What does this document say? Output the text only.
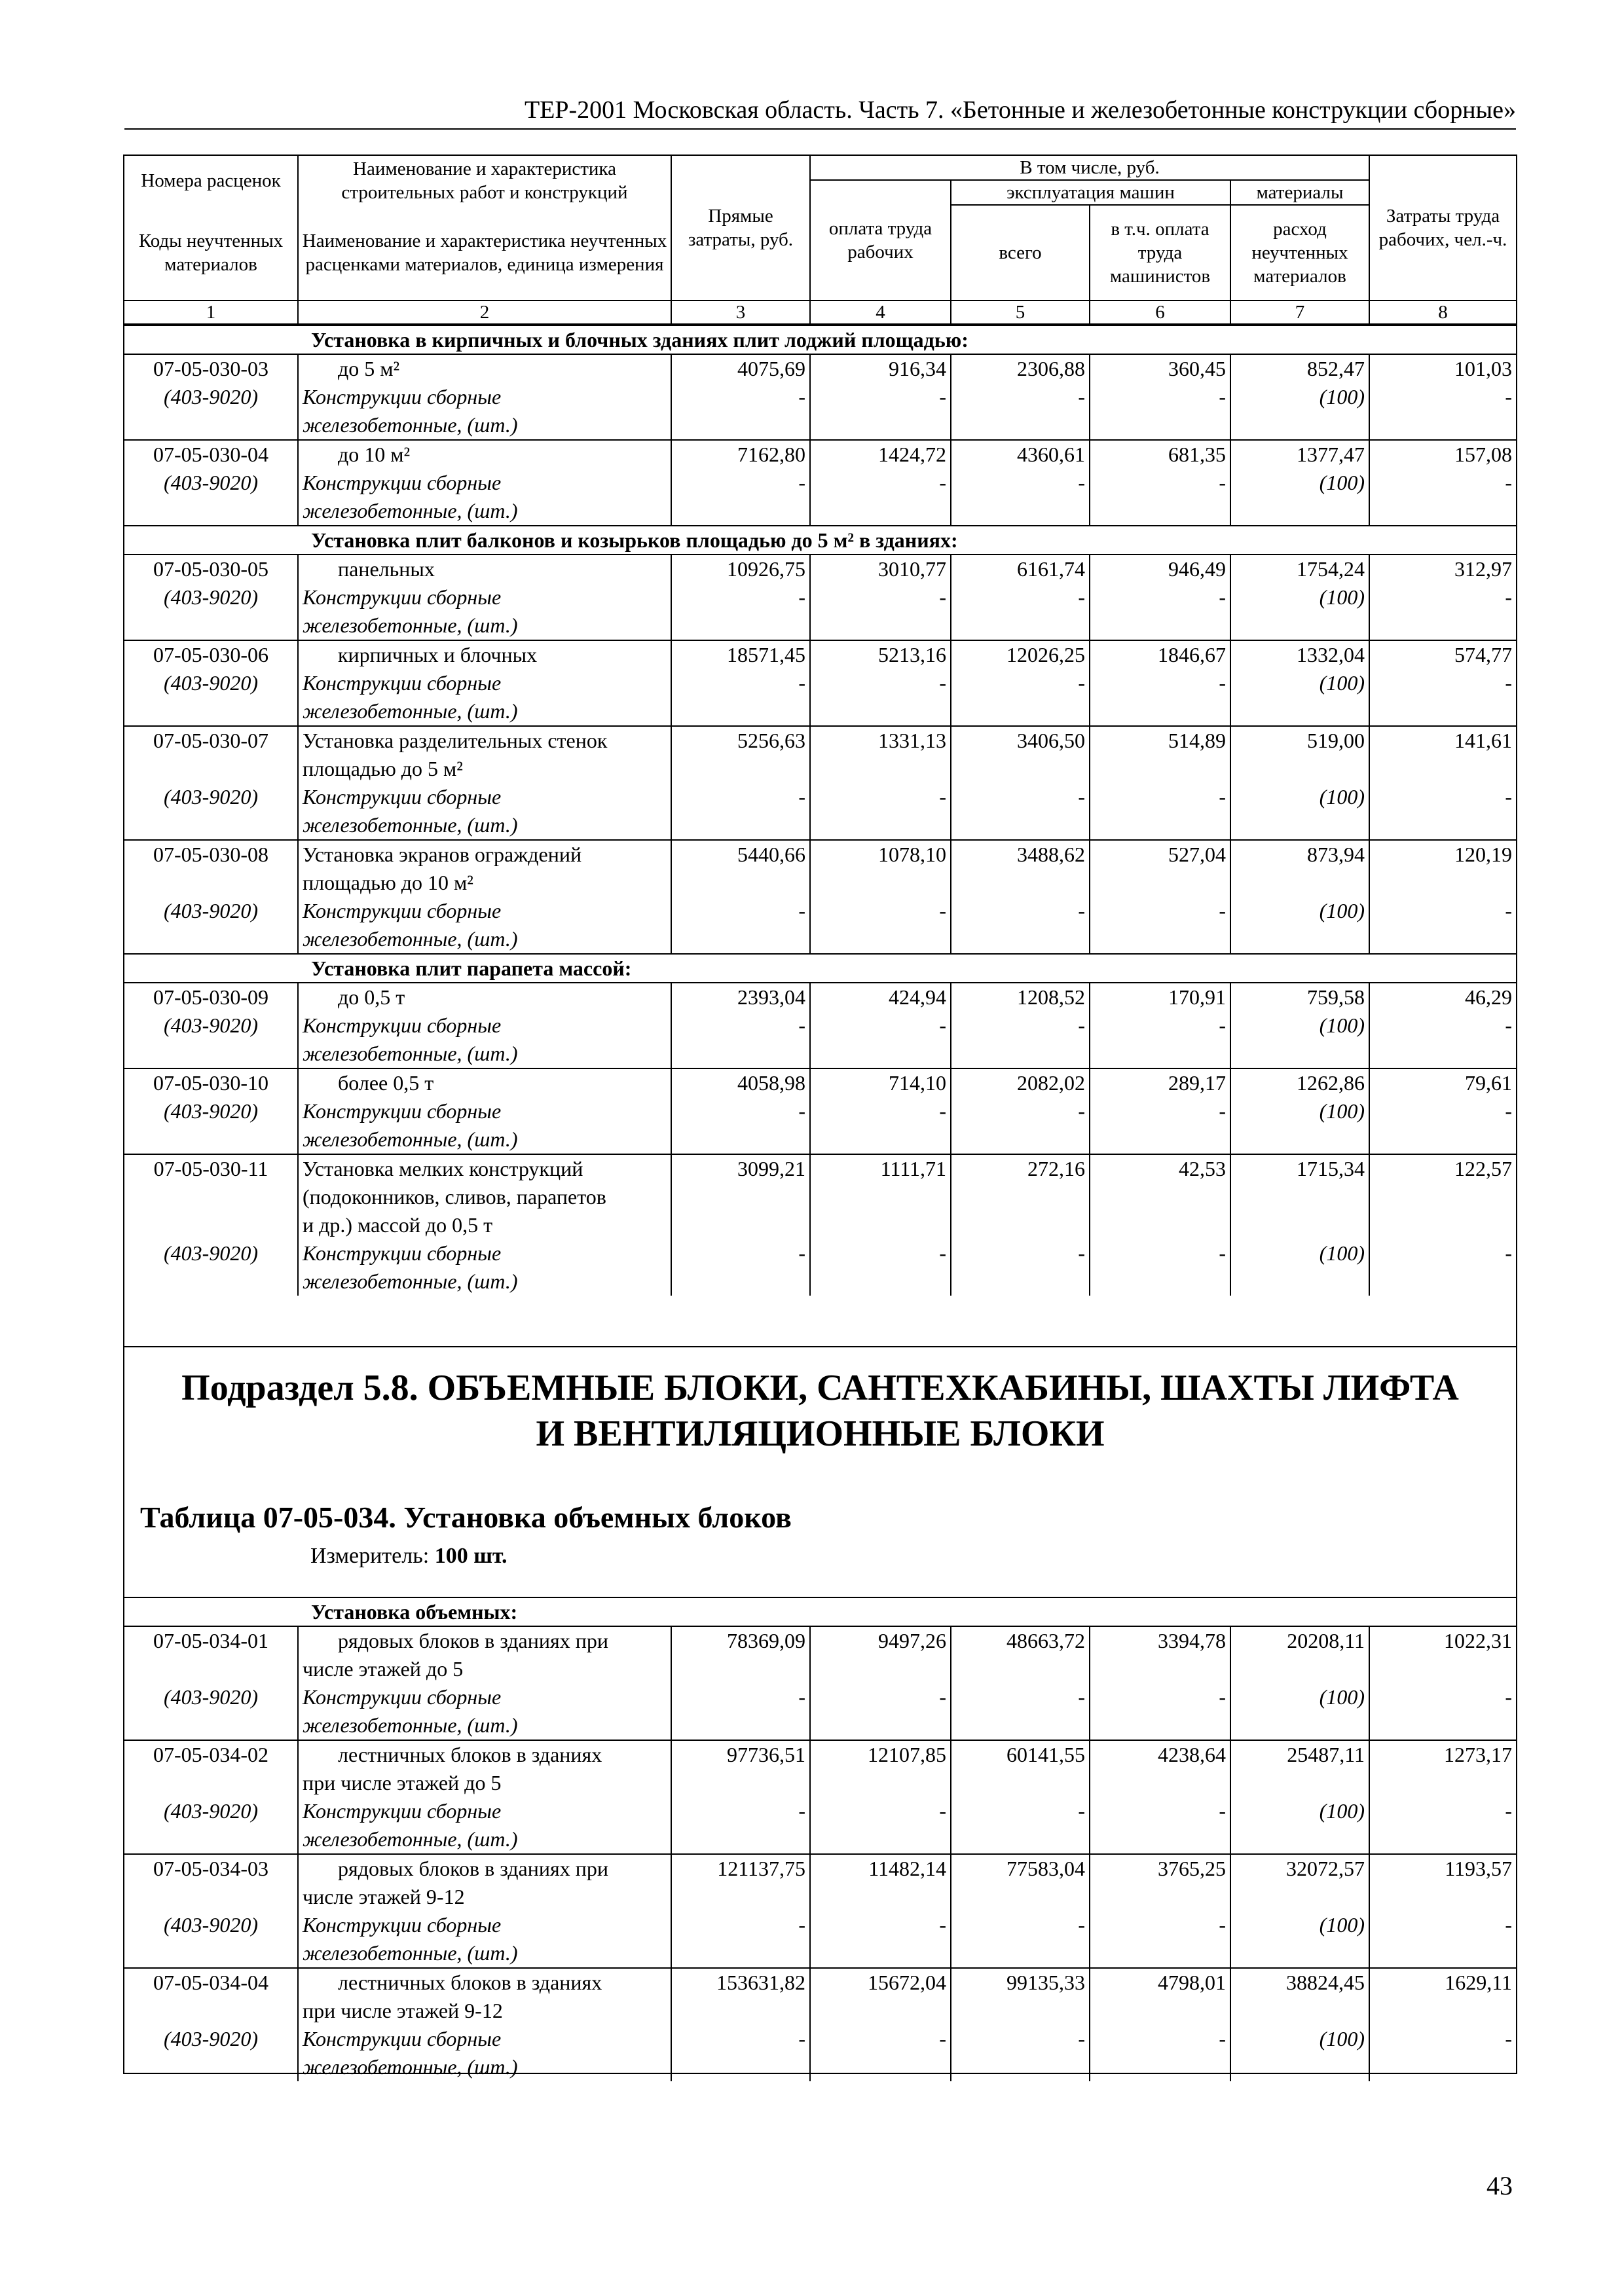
ТЕР-2001 Московская область. Часть 7. «Бетонные и железобетонные конструкции сборные»
Номера расценок	Наименование и характеристика строительных работ и конструкций	Прямые затраты, руб.	В том числе, руб.				Затраты труда рабочих, чел.-ч.
			оплата труда рабочих	эксплуатация машин		материалы	
Коды неучтенных материалов	Наименование и характеристика неучтенных расценками материалов, единица измерения			всего	в т.ч. оплата труда машинистов	расход неучтенных материалов	

1	2	3	4	5	6	7	8
Установка в кирпичных и блочных зданиях плит лоджий площадью:							
07-05-030-03	до 5 м²	4075,69	916,34	2306,88	360,45	852,47	101,03
(403-9020)	Конструкции сборные	-	-	-	-	(100)	-
	железобетонные, (шт.)						
07-05-030-04	до 10 м²	7162,80	1424,72	4360,61	681,35	1377,47	157,08
(403-9020)	Конструкции сборные	-	-	-	-	(100)	-
	железобетонные, (шт.)						
Установка плит балконов и козырьков площадью до 5 м² в зданиях:							
07-05-030-05	панельных	10926,75	3010,77	6161,74	946,49	1754,24	312,97
(403-9020)	Конструкции сборные	-	-	-	-	(100)	-
	железобетонные, (шт.)						
07-05-030-06	кирпичных и блочных	18571,45	5213,16	12026,25	1846,67	1332,04	574,77
(403-9020)	Конструкции сборные	-	-	-	-	(100)	-
	железобетонные, (шт.)						
07-05-030-07	Установка разделительных стенок	5256,63	1331,13	3406,50	514,89	519,00	141,61
	площадью до 5 м²						
(403-9020)	Конструкции сборные	-	-	-	-	(100)	-
	железобетонные, (шт.)						
07-05-030-08	Установка экранов ограждений	5440,66	1078,10	3488,62	527,04	873,94	120,19
	площадью до 10 м²						
(403-9020)	Конструкции сборные	-	-	-	-	(100)	-
	железобетонные, (шт.)						
Установка плит парапета массой:							
07-05-030-09	до 0,5 т	2393,04	424,94	1208,52	170,91	759,58	46,29
(403-9020)	Конструкции сборные	-	-	-	-	(100)	-
	железобетонные, (шт.)						
07-05-030-10	более 0,5 т	4058,98	714,10	2082,02	289,17	1262,86	79,61
(403-9020)	Конструкции сборные	-	-	-	-	(100)	-
	железобетонные, (шт.)						
07-05-030-11	Установка мелких конструкций	3099,21	1111,71	272,16	42,53	1715,34	122,57
	(подоконников, сливов, парапетов						
	и др.) массой до 0,5 т						
(403-9020)	Конструкции сборные	-	-	-	-	(100)	-
	железобетонные, (шт.)						
Установка объемных:							
07-05-034-01	рядовых блоков в зданиях при	78369,09	9497,26	48663,72	3394,78	20208,11	1022,31
	числе этажей до 5						
(403-9020)	Конструкции сборные	-	-	-	-	(100)	-
	железобетонные, (шт.)						
07-05-034-02	лестничных блоков в зданиях	97736,51	12107,85	60141,55	4238,64	25487,11	1273,17
	при числе этажей до 5						
(403-9020)	Конструкции сборные	-	-	-	-	(100)	-
	железобетонные, (шт.)						
07-05-034-03	рядовых блоков в зданиях при	121137,75	11482,14	77583,04	3765,25	32072,57	1193,57
	числе этажей 9-12						
(403-9020)	Конструкции сборные	-	-	-	-	(100)	-
	железобетонные, (шт.)						
07-05-034-04	лестничных блоков в зданиях	153631,82	15672,04	99135,33	4798,01	38824,45	1629,11
	при числе этажей 9-12						
(403-9020)	Конструкции сборные	-	-	-	-	(100)	-
	железобетонные, (шт.)						
Подраздел 5.8. ОБЪЕМНЫЕ БЛОКИ, САНТЕХКАБИНЫ, ШАХТЫ ЛИФТА
И ВЕНТИЛЯЦИОННЫЕ БЛОКИ
Таблица 07-05-034. Установка объемных блоков
Измеритель: 100 шт.
43
